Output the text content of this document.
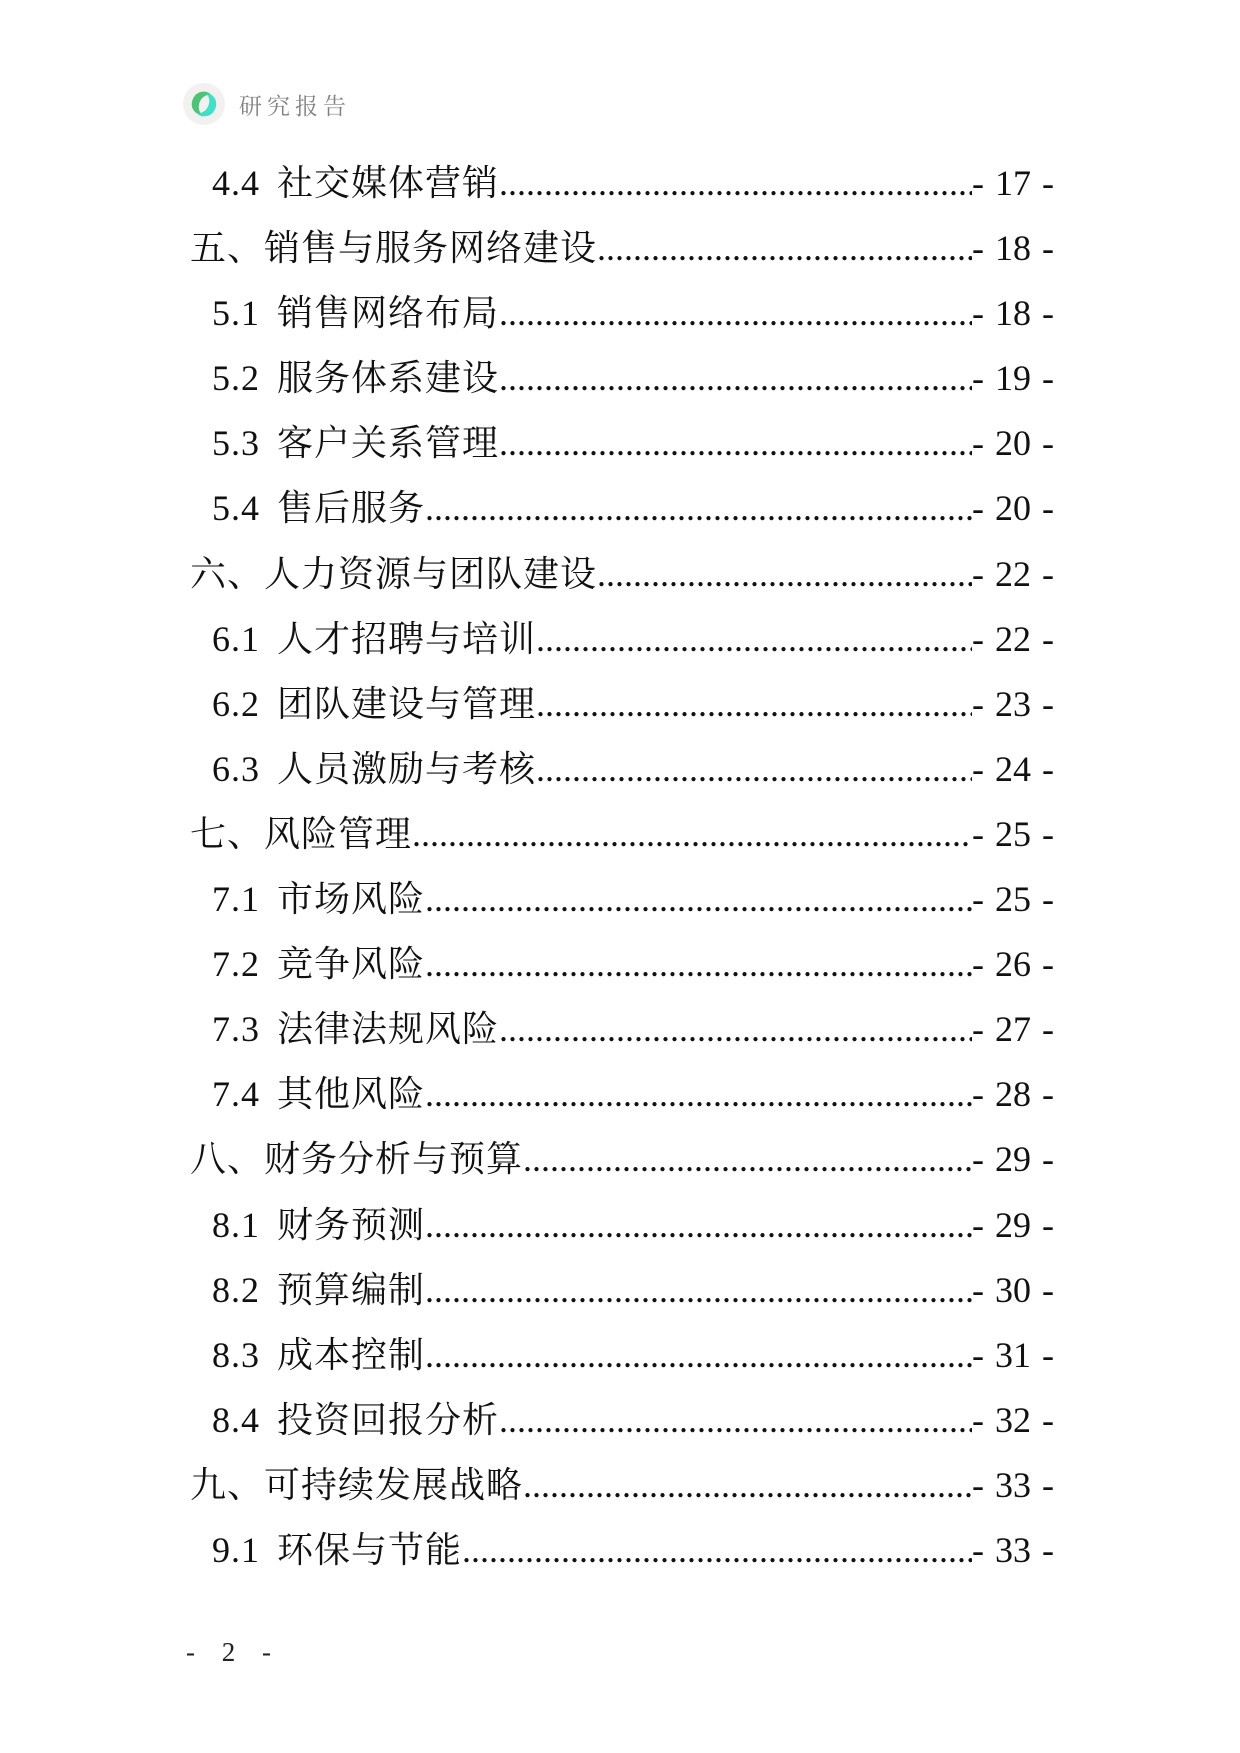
研究报告
4.4 社交媒体营销 .....	- 17 -
五、销售与服务网络建设 .....	- 18 -
5.1 销售网络布局 .....	- 18 -
5.2 服务体系建设 .....	- 19 -
5.3 客户关系管理 .....	- 20 -
5.4 售后服务 .....	- 20 -
六、人力资源与团队建设 .....	- 22 -
6.1 人才招聘与培训 .....	- 22 -
6.2 团队建设与管理 .....	- 23 -
6.3 人员激励与考核 .....	- 24 -
七、风险管理 .....	- 25 -
7.1 市场风险 .....	- 25 -
7.2 竞争风险 .....	- 26 -
7.3 法律法规风险 .....	- 27 -
7.4 其他风险 .....	- 28 -
八、财务分析与预算 .....	- 29 -
8.1 财务预测 .....	- 29 -
8.2 预算编制 .....	- 30 -
8.3 成本控制 .....	- 31 -
8.4 投资回报分析 .....	- 32 -
九、可持续发展战略 .....	- 33 -
9.1 环保与节能 .....	- 33 -
- 2 -
